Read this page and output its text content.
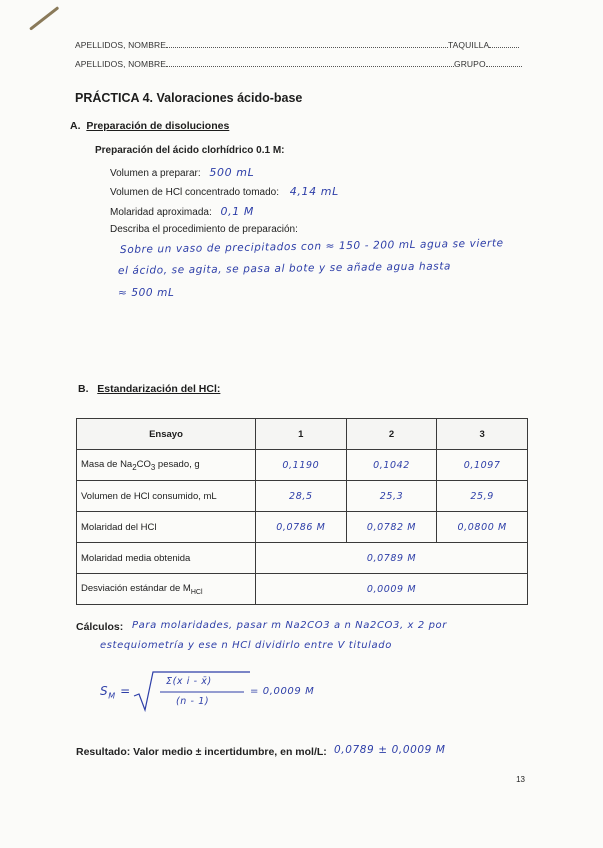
APELLIDOS, NOMBRE	TAQUILLA
APELLIDOS, NOMBRE	GRUPO
PRÁCTICA 4. Valoraciones ácido-base
A. Preparación de disoluciones
Preparación del ácido clorhídrico 0.1 M:
Volumen a preparar: 500 mL
Volumen de HCl concentrado tomado: 4,14 mL
Molaridad aproximada: 0,1 M
Describa el procedimiento de preparación:
Sobre un vaso de precipitados con ≈ 150 - 200 mL agua se vierte
el ácido, se agita, se pasa al bote y se añade agua hasta
≈ 500 mL
B. Estandarización del HCl:
Ensayo	1	2	3
Masa de $Na_2CO_3$ pesado, g	0,1190	0,1042	0,1097
Volumen de HCl consumido, mL	28,5	25,3	25,9
Molaridad del HCl	0,0786 M	0,0782 M	0,0800 M
Molaridad media obtenida	0,0789 M		
Desviación estándar de $M_{HCl}$	0,0009 M		
Cálculos: Para molaridades, pasar m Na2CO3 a n Na2CO3, x 2 por
estequiometría y ese n HCl dividirlo entre V titulado
$S_M$ =
Σ(x i - x̄)
(n - 1)
= 0,0009 M
Resultado: Valor medio ± incertidumbre, en mol/L: 0,0789 ± 0,0009 M
13
